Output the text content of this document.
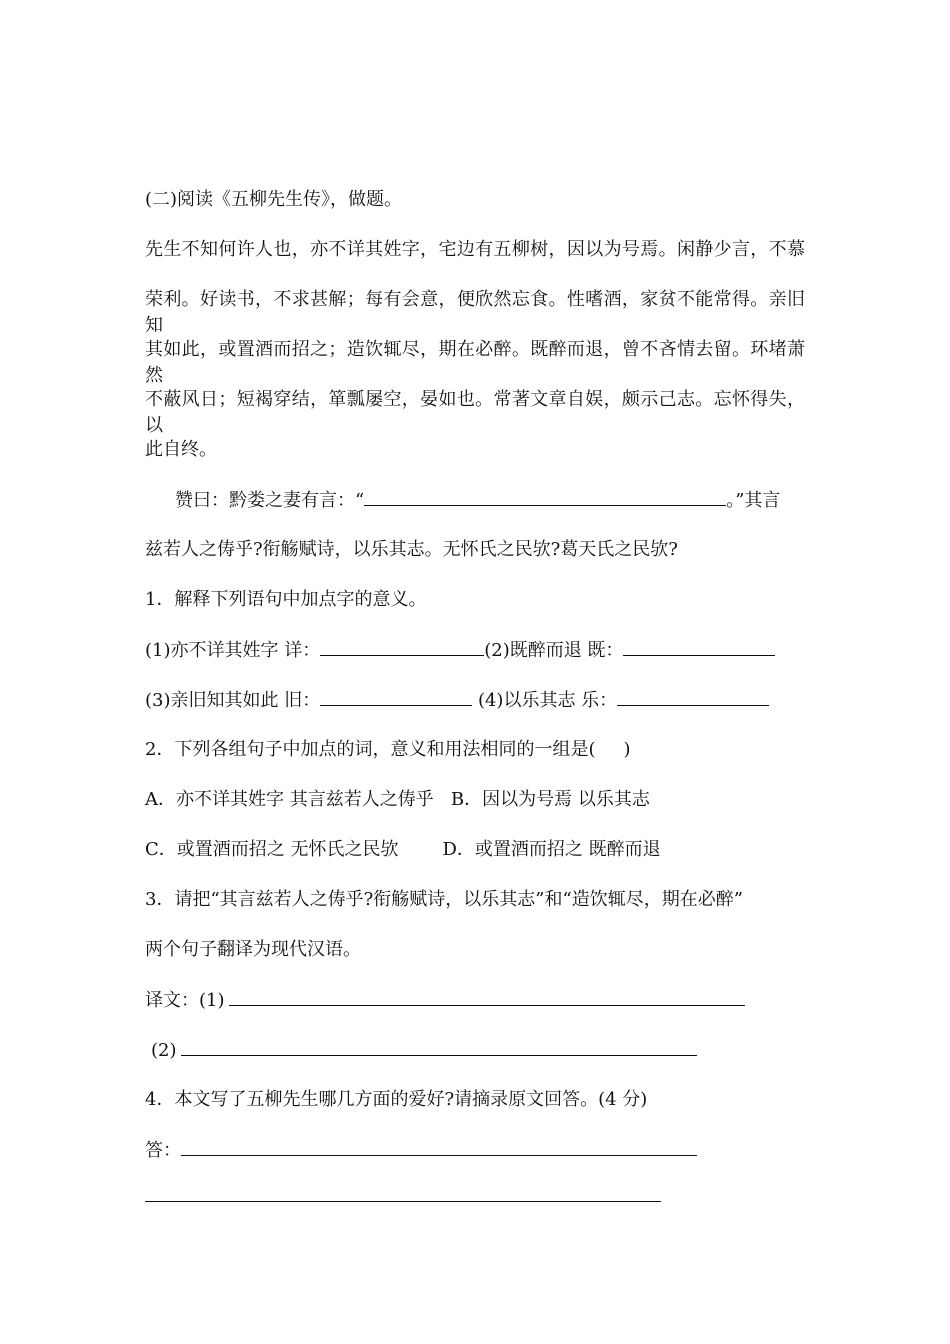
(二)阅读《五柳先生传》，做题。
先生不知何许人也，亦不详其姓字，宅边有五柳树，因以为号焉。闲静少言，不慕
荣利。好读书，不求甚解；每有会意，便欣然忘食。性嗜酒，家贫不能常得。亲旧知
其如此，或置酒而招之；造饮辄尽，期在必醉。既醉而退，曾不吝情去留。环堵萧然
不蔽风日；短褐穿结，箪瓢屡空，晏如也。常著文章自娱，颇示己志。忘怀得失，以
此自终。
赞曰：黔娄之妻有言：“	。”其言
兹若人之俦乎?衔觞赋诗，以乐其志。无怀氏之民欤?葛天氏之民欤?
1．解释下列语句中加点字的意义。
(1)亦不详其姓字 详：	(2)既醉而退 既：
(3)亲旧知其如此 旧：	(4)以乐其志 乐：
2．下列各组句子中加点的词，意义和用法相同的一组是( )
A．亦不详其姓字 其言兹若人之俦乎 B．因以为号焉 以乐其志
C．或置酒而招之 无怀氏之民欤 D．或置酒而招之 既醉而退
3．请把“其言兹若人之俦乎?衔觞赋诗，以乐其志”和“造饮辄尽，期在必醉”
两个句子翻译为现代汉语。
译文：(1)
(2)
4．本文写了五柳先生哪几方面的爱好?请摘录原文回答。(4 分)
答：
